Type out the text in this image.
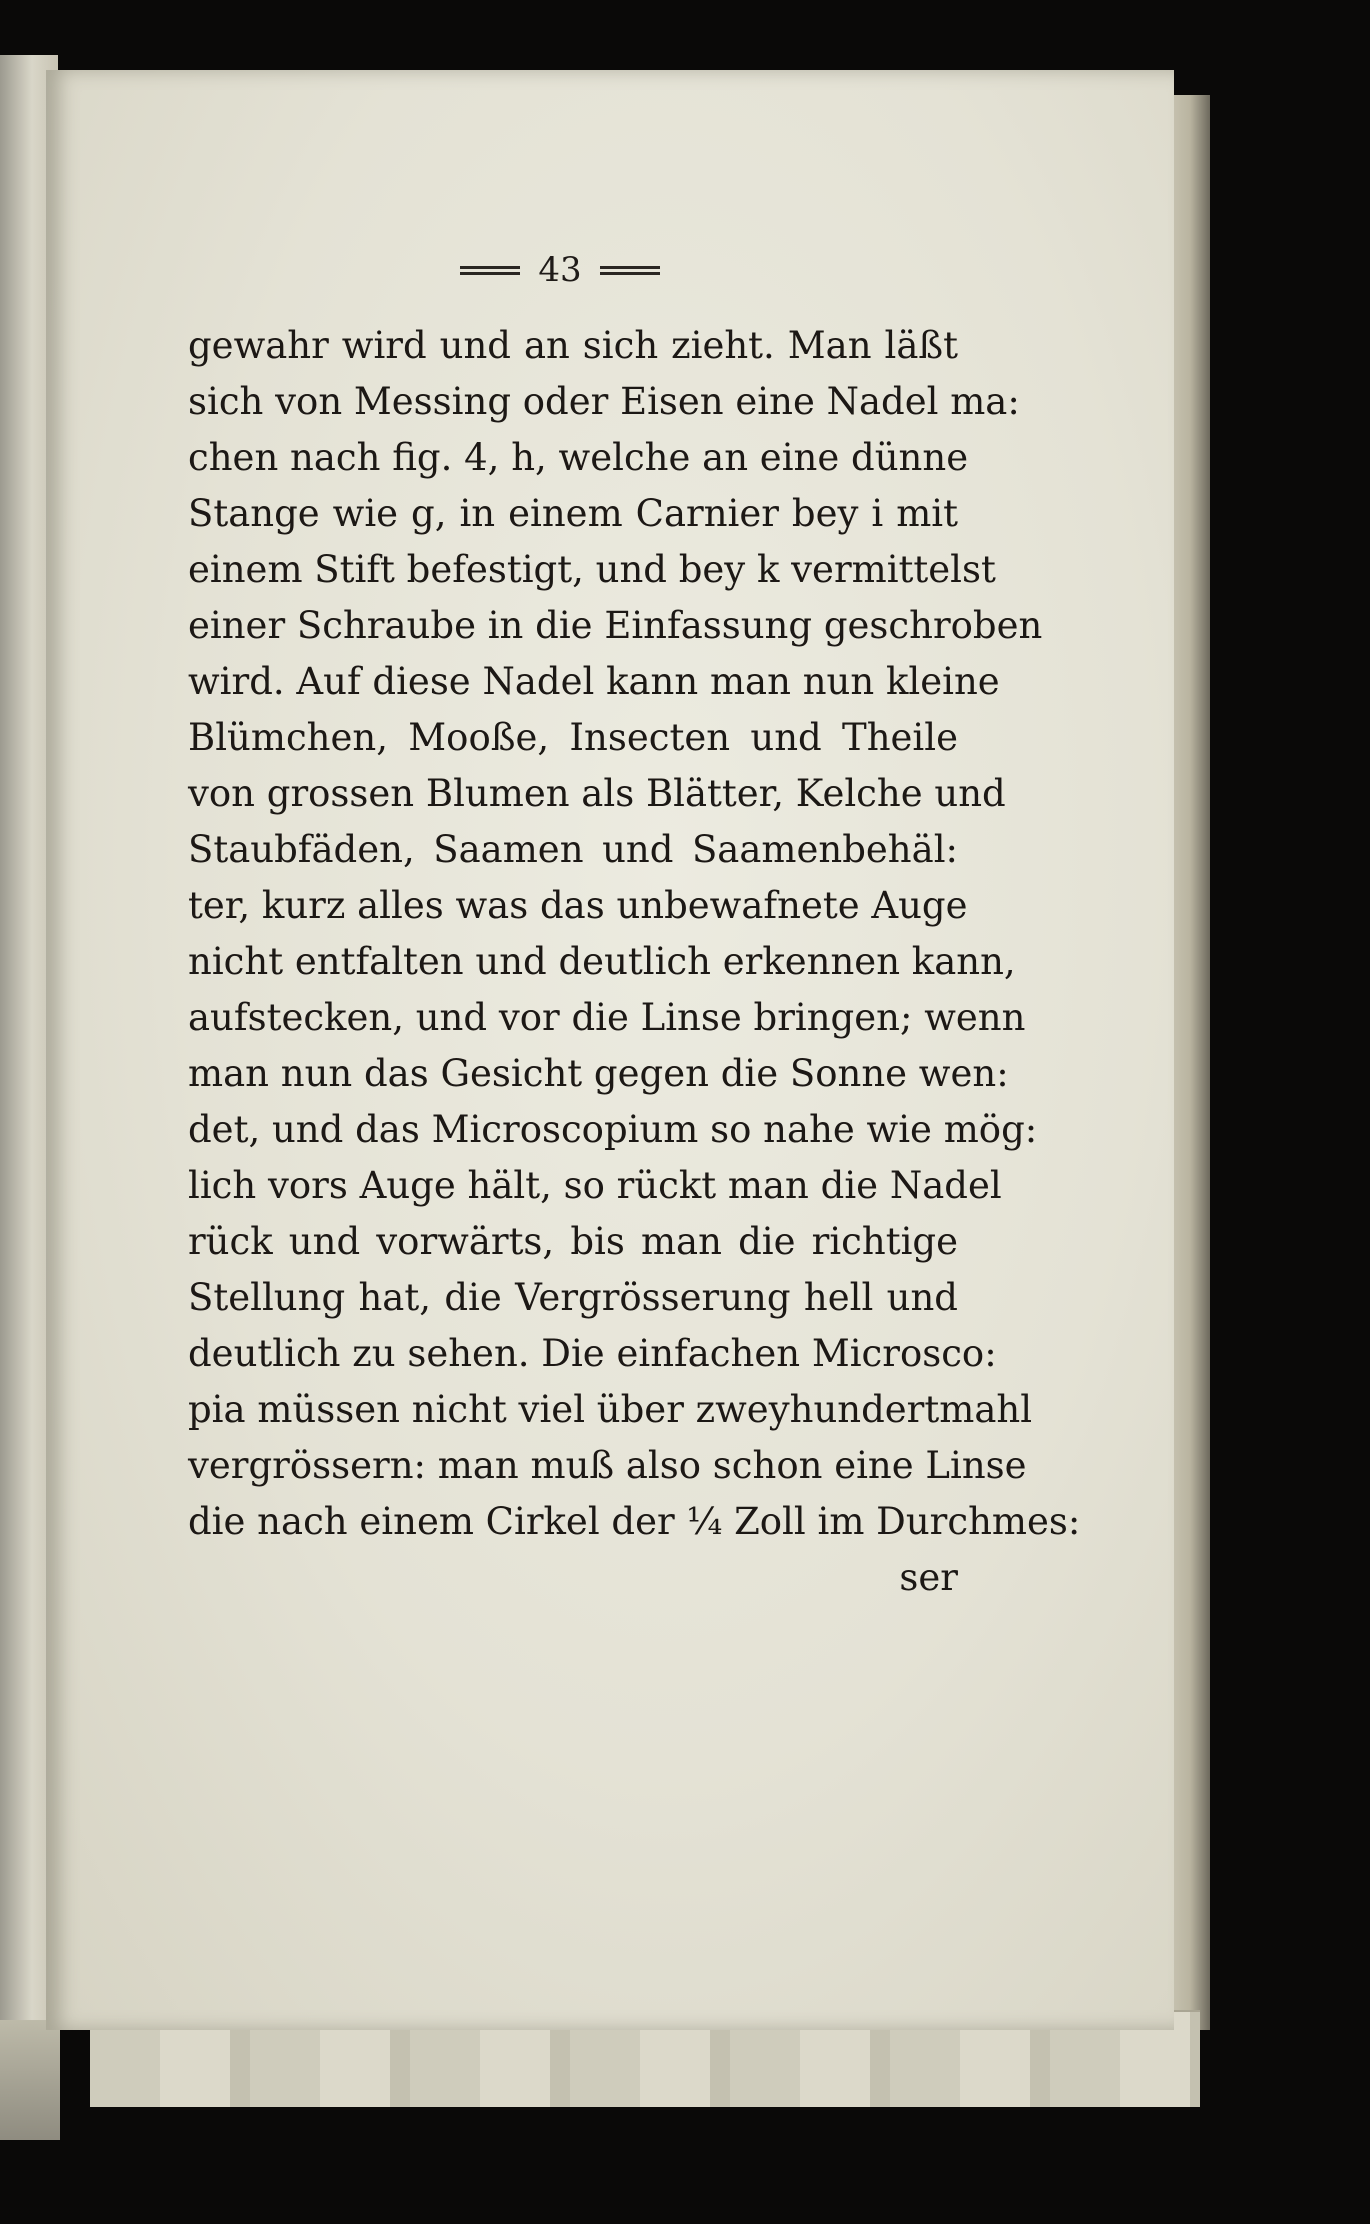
43
gewahr wird und an sich zieht. Man läßt
sich von Messing oder Eisen eine Nadel ma:
chen nach fig. 4, h, welche an eine dünne
Stange wie g, in einem Carnier bey i mit
einem Stift befestigt, und bey k vermittelst
einer Schraube in die Einfassung geschroben
wird. Auf diese Nadel kann man nun kleine
Blümchen, Mooße, Insecten und Theile
von grossen Blumen als Blätter, Kelche und
Staubfäden, Saamen und Saamenbehäl:
ter, kurz alles was das unbewafnete Auge
nicht entfalten und deutlich erkennen kann,
aufstecken, und vor die Linse bringen; wenn
man nun das Gesicht gegen die Sonne wen:
det, und das Microscopium so nahe wie mög:
lich vors Auge hält, so rückt man die Nadel
rück und vorwärts, bis man die richtige
Stellung hat, die Vergrösserung hell und
deutlich zu sehen. Die einfachen Microsco:
pia müssen nicht viel über zweyhundertmahl
vergrössern: man muß also schon eine Linse
die nach einem Cirkel der ¼ Zoll im Durchmes:
ser
